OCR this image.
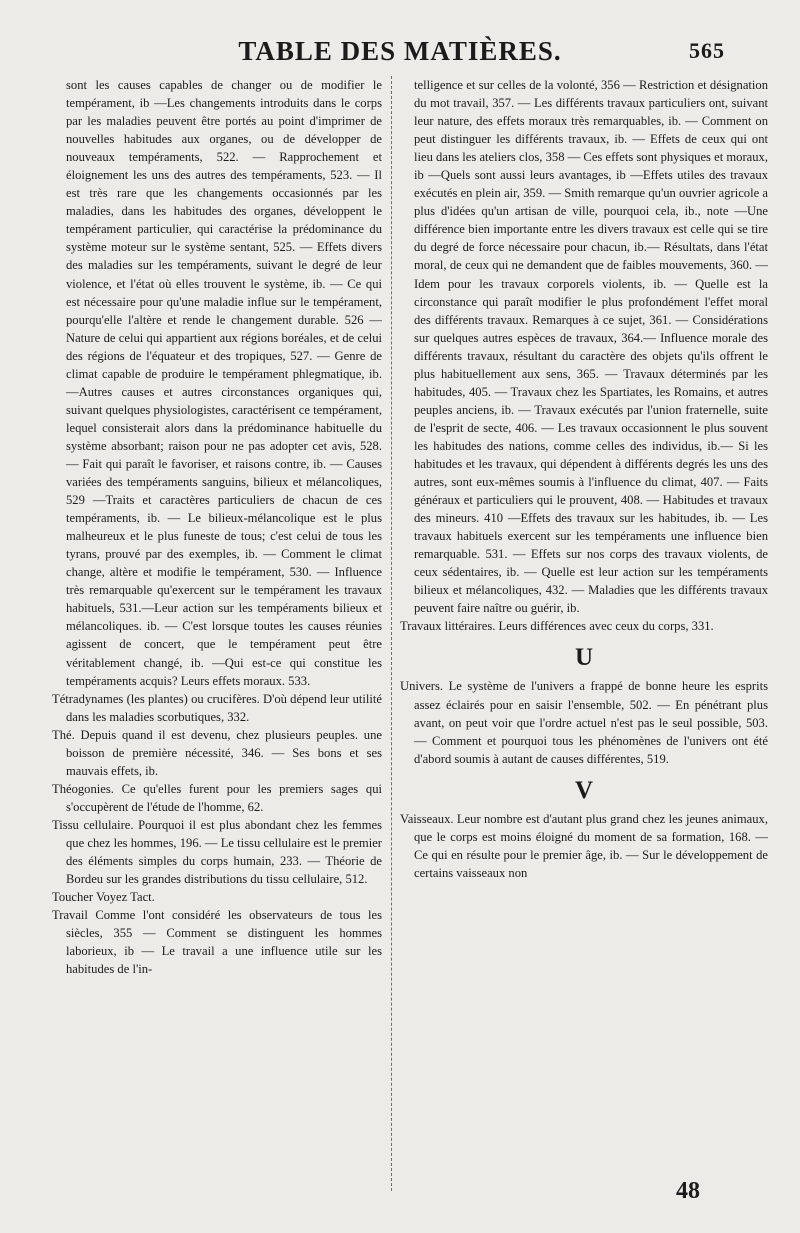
TABLE DES MATIÈRES.	565

sont les causes capables de changer ou de modifier le tempérament, ib —Les changements introduits dans le corps par les maladies peuvent être portés au point d'imprimer de nouvelles habitudes aux organes, ou de développer de nouveaux tempéraments, 522. — Rapprochement et éloignement les uns des autres des tempéraments, 523. — Il est très rare que les changements occasionnés par les maladies, dans les habitudes des organes, développent le tempérament particulier, qui caractérise la prédominance du système moteur sur le système sentant, 525. — Effets divers des maladies sur les tempéraments, suivant le degré de leur violence, et l'état où elles trouvent le système, ib. — Ce qui est nécessaire pour qu'une maladie influe sur le tempérament, pourqu'elle l'altère et rende le changement durable. 526 —Nature de celui qui appartient aux régions boréales, et de celui des régions de l'équateur et des tropiques, 527. — Genre de climat capable de produire le tempérament phlegmatique, ib.—Autres causes et autres circonstances organiques qui, suivant quelques physiologistes, caractérisent ce tempérament, lequel consisterait alors dans la prédominance habituelle du système absorbant; raison pour ne pas adopter cet avis, 528. — Fait qui paraît le favoriser, et raisons contre, ib. — Causes variées des tempéraments sanguins, bilieux et mélancoliques, 529 —Traits et caractères particuliers de chacun de ces tempéraments, ib. — Le bilieux-mélancolique est le plus malheureux et le plus funeste de tous; c'est celui de tous les tyrans, prouvé par des exemples, ib. — Comment le climat change, altère et modifie le tempérament, 530. — Influence très remarquable qu'exercent sur le tempérament les travaux habituels, 531.—Leur action sur les tempéraments bilieux et mélancoliques. ib. — C'est lorsque toutes les causes réunies agissent de concert, que le tempérament peut être véritablement changé, ib. —Qui est-ce qui constitue les tempéraments acquis? Leurs effets moraux. 533.

Tétradynames (les plantes) ou crucifères. D'où dépend leur utilité dans les maladies scorbutiques, 332.

Thé. Depuis quand il est devenu, chez plusieurs peuples. une boisson de première nécessité, 346. — Ses bons et ses mauvais effets, ib.

Théogonies. Ce qu'elles furent pour les premiers sages qui s'occupèrent de l'étude de l'homme, 62.

Tissu cellulaire. Pourquoi il est plus abondant chez les femmes que chez les hommes, 196. — Le tissu cellulaire est le premier des éléments simples du corps humain, 233. — Théorie de Bordeu sur les grandes distributions du tissu cellulaire, 512.

Toucher Voyez Tact.

Travail Comme l'ont considéré les observateurs de tous les siècles, 355 — Comment se distinguent les hommes laborieux, ib — Le travail a une influence utile sur les habitudes de l'in-

telligence et sur celles de la volonté, 356 — Restriction et désignation du mot travail, 357. — Les différents travaux particuliers ont, suivant leur nature, des effets moraux très remarquables, ib. — Comment on peut distinguer les différents travaux, ib. — Effets de ceux qui ont lieu dans les ateliers clos, 358 — Ces effets sont physiques et moraux, ib —Quels sont aussi leurs avantages, ib —Effets utiles des travaux exécutés en plein air, 359. — Smith remarque qu'un ouvrier agricole a plus d'idées qu'un artisan de ville, pourquoi cela, ib., note —Une différence bien importante entre les divers travaux est celle qui se tire du degré de force nécessaire pour chacun, ib.— Résultats, dans l'état moral, de ceux qui ne demandent que de faibles mouvements, 360. — Idem pour les travaux corporels violents, ib. — Quelle est la circonstance qui paraît modifier le plus profondément l'effet moral des différents travaux. Remarques à ce sujet, 361. — Considérations sur quelques autres espèces de travaux, 364.— Influence morale des différents travaux, résultant du caractère des objets qu'ils offrent le plus habituellement aux sens, 365. — Travaux déterminés par les habitudes, 405. — Travaux chez les Spartiates, les Romains, et autres peuples anciens, ib. — Travaux exécutés par l'union fraternelle, suite de l'esprit de secte, 406. — Les travaux occasionnent le plus souvent les habitudes des nations, comme celles des individus, ib.— Si les habitudes et les travaux, qui dépendent à différents degrés les uns des autres, sont eux-mêmes soumis à l'influence du climat, 407. — Faits généraux et particuliers qui le prouvent, 408. — Habitudes et travaux des mineurs. 410 —Effets des travaux sur les habitudes, ib. — Les travaux habituels exercent sur les tempéraments une influence bien remarquable. 531. — Effets sur nos corps des travaux violents, de ceux sédentaires, ib. — Quelle est leur action sur les tempéraments bilieux et mélancoliques, 432. — Maladies que les différents travaux peuvent faire naître ou guérir, ib.

Travaux littéraires. Leurs différences avec ceux du corps, 331.

U

Univers. Le système de l'univers a frappé de bonne heure les esprits assez éclairés pour en saisir l'ensemble, 502. — En pénétrant plus avant, on peut voir que l'ordre actuel n'est pas le seul possible, 503. — Comment et pourquoi tous les phénomènes de l'univers ont été d'abord soumis à autant de causes différentes, 519.

V

Vaisseaux. Leur nombre est d'autant plus grand chez les jeunes animaux, que le corps est moins éloigné du moment de sa formation, 168. — Ce qui en résulte pour le premier âge, ib. — Sur le développement de certains vaisseaux non

48
